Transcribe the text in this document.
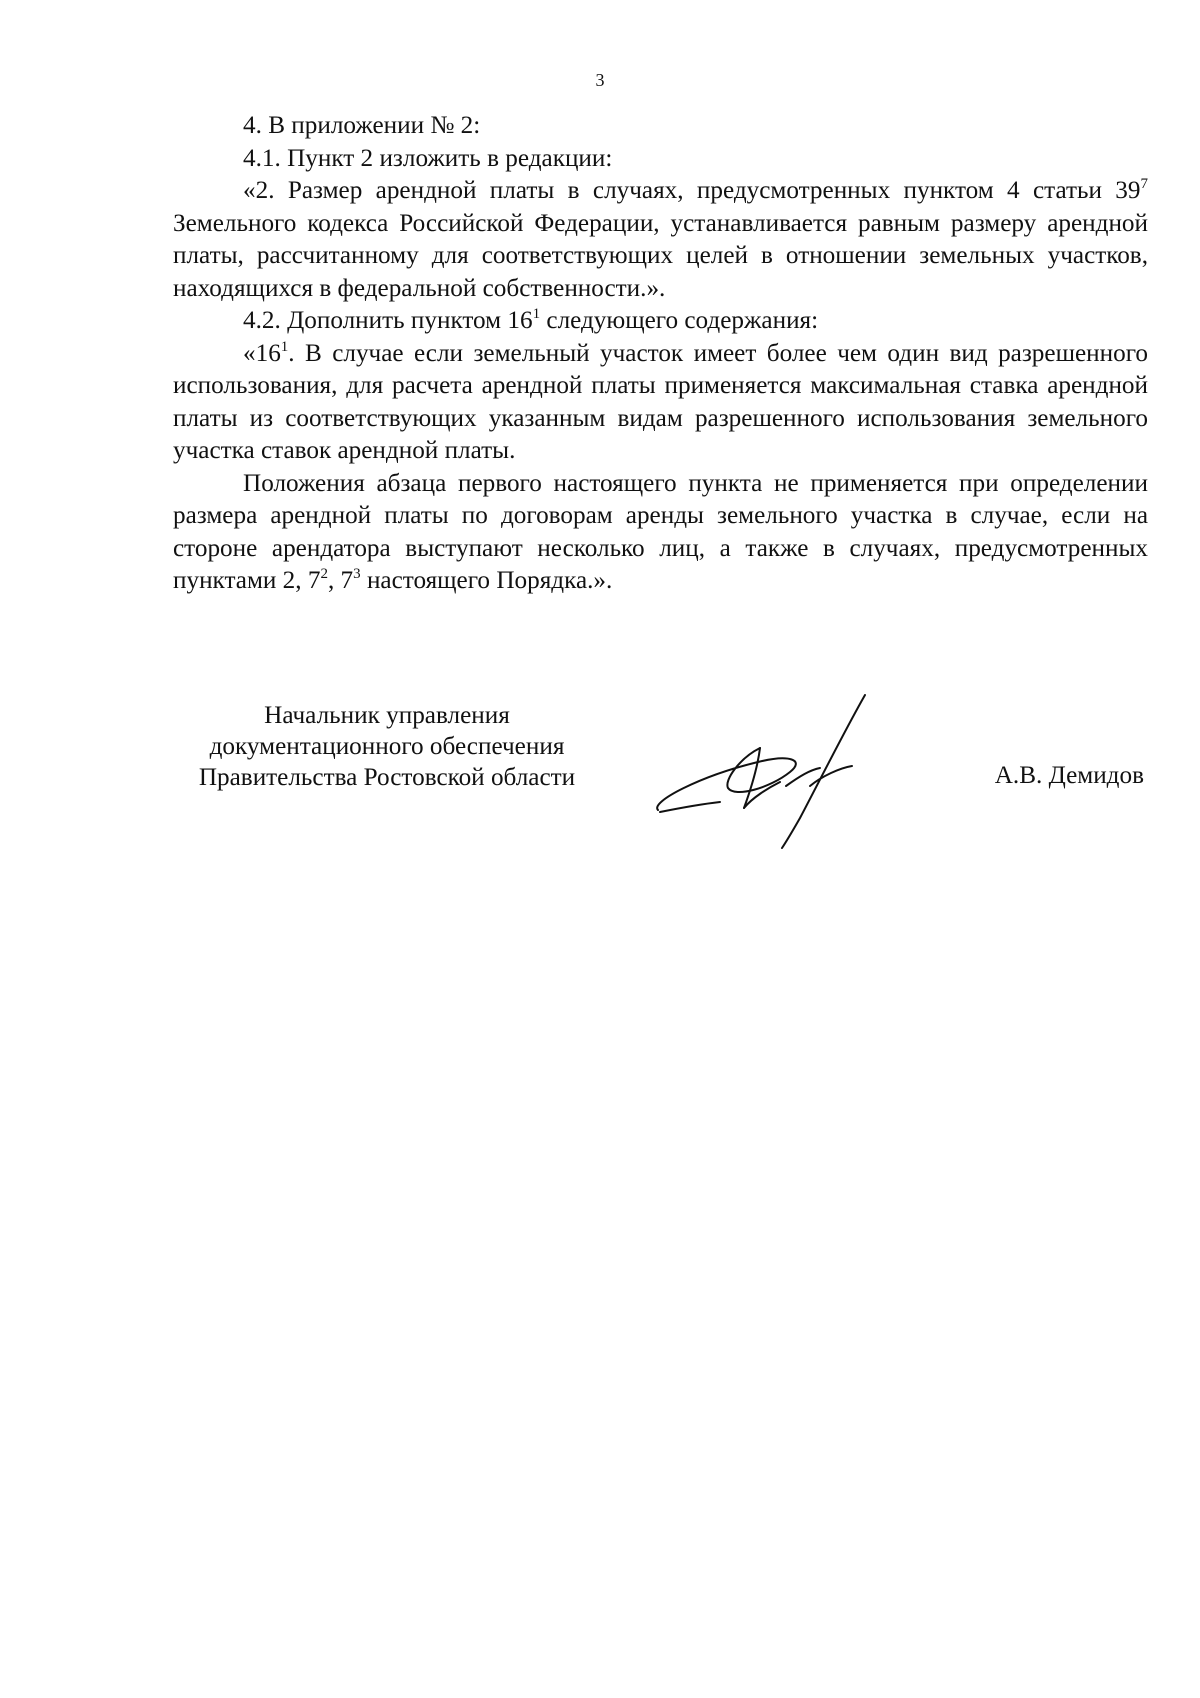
3

4. В приложении № 2:

4.1. Пункт 2 изложить в редакции:

«2. Размер арендной платы в случаях, предусмотренных пунктом 4 статьи $39^7$ Земельного кодекса Российской Федерации, устанавливается равным размеру арендной платы, рассчитанному для соответствующих целей в отношении земельных участков, находящихся в федеральной собственности.».

4.2. Дополнить пунктом $16^1$ следующего содержания:

«$16^1$. В случае если земельный участок имеет более чем один вид разрешенного использования, для расчета арендной платы применяется максимальная ставка арендной платы из соответствующих указанным видам разрешенного использования земельного участка ставок арендной платы.

Положения абзаца первого настоящего пункта не применяется при определении размера арендной платы по договорам аренды земельного участка в случае, если на стороне арендатора выступают несколько лиц, а также в случаях, предусмотренных пунктами 2, $7^2$, $7^3$ настоящего Порядка.».

Начальник управления
документационного обеспечения
Правительства Ростовской области	А.В. Демидов
